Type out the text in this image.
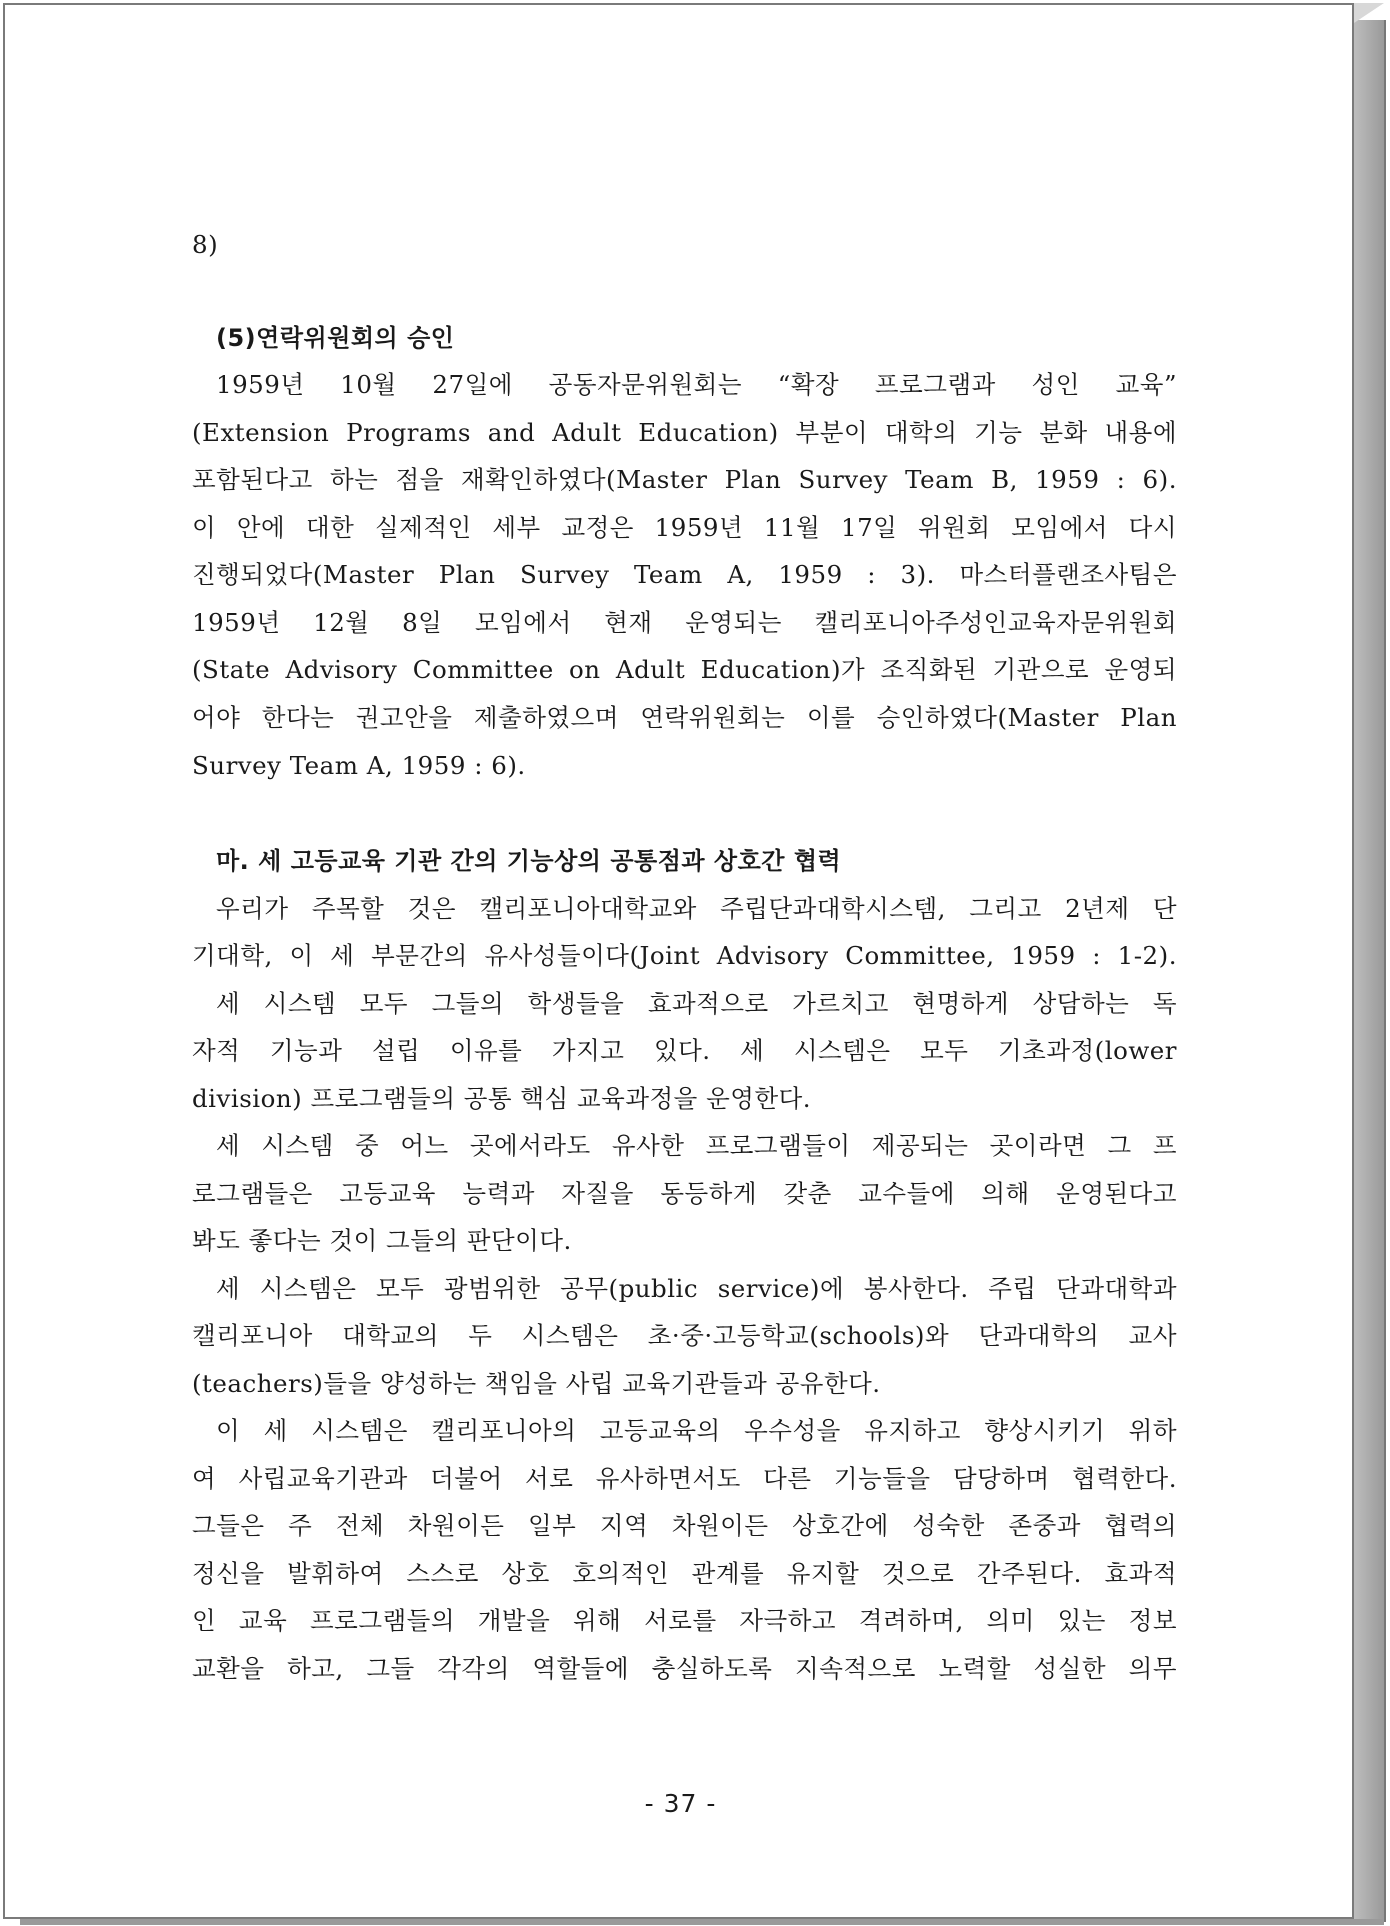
8)
(5)연락위원회의 승인
1959년 10월 27일에 공동자문위원회는 “확장 프로그램과 성인 교육”
(Extension Programs and Adult Education) 부분이 대학의 기능 분화 내용에
포함된다고 하는 점을 재확인하였다(Master Plan Survey Team B, 1959 : 6).
이 안에 대한 실제적인 세부 교정은 1959년 11월 17일 위원회 모임에서 다시
진행되었다(Master Plan Survey Team A, 1959 : 3). 마스터플랜조사팀은
1959년 12월 8일 모임에서 현재 운영되는 캘리포니아주성인교육자문위원회
(State Advisory Committee on Adult Education)가 조직화된 기관으로 운영되
어야 한다는 권고안을 제출하였으며 연락위원회는 이를 승인하였다(Master Plan
Survey Team A, 1959 : 6).
마. 세 고등교육 기관 간의 기능상의 공통점과 상호간 협력
우리가 주목할 것은 캘리포니아대학교와 주립단과대학시스템, 그리고 2년제 단
기대학, 이 세 부문간의 유사성들이다(Joint Advisory Committee, 1959 : 1-2).
세 시스템 모두 그들의 학생들을 효과적으로 가르치고 현명하게 상담하는 독
자적 기능과 설립 이유를 가지고 있다. 세 시스템은 모두 기초과정(lower
division) 프로그램들의 공통 핵심 교육과정을 운영한다.
세 시스템 중 어느 곳에서라도 유사한 프로그램들이 제공되는 곳이라면 그 프
로그램들은 고등교육 능력과 자질을 동등하게 갖춘 교수들에 의해 운영된다고
봐도 좋다는 것이 그들의 판단이다.
세 시스템은 모두 광범위한 공무(public service)에 봉사한다. 주립 단과대학과
캘리포니아 대학교의 두 시스템은 초·중·고등학교(schools)와 단과대학의 교사
(teachers)들을 양성하는 책임을 사립 교육기관들과 공유한다.
이 세 시스템은 캘리포니아의 고등교육의 우수성을 유지하고 향상시키기 위하
여 사립교육기관과 더불어 서로 유사하면서도 다른 기능들을 담당하며 협력한다.
그들은 주 전체 차원이든 일부 지역 차원이든 상호간에 성숙한 존중과 협력의
정신을 발휘하여 스스로 상호 호의적인 관계를 유지할 것으로 간주된다. 효과적
인 교육 프로그램들의 개발을 위해 서로를 자극하고 격려하며, 의미 있는 정보
교환을 하고, 그들 각각의 역할들에 충실하도록 지속적으로 노력할 성실한 의무
- 37 -
